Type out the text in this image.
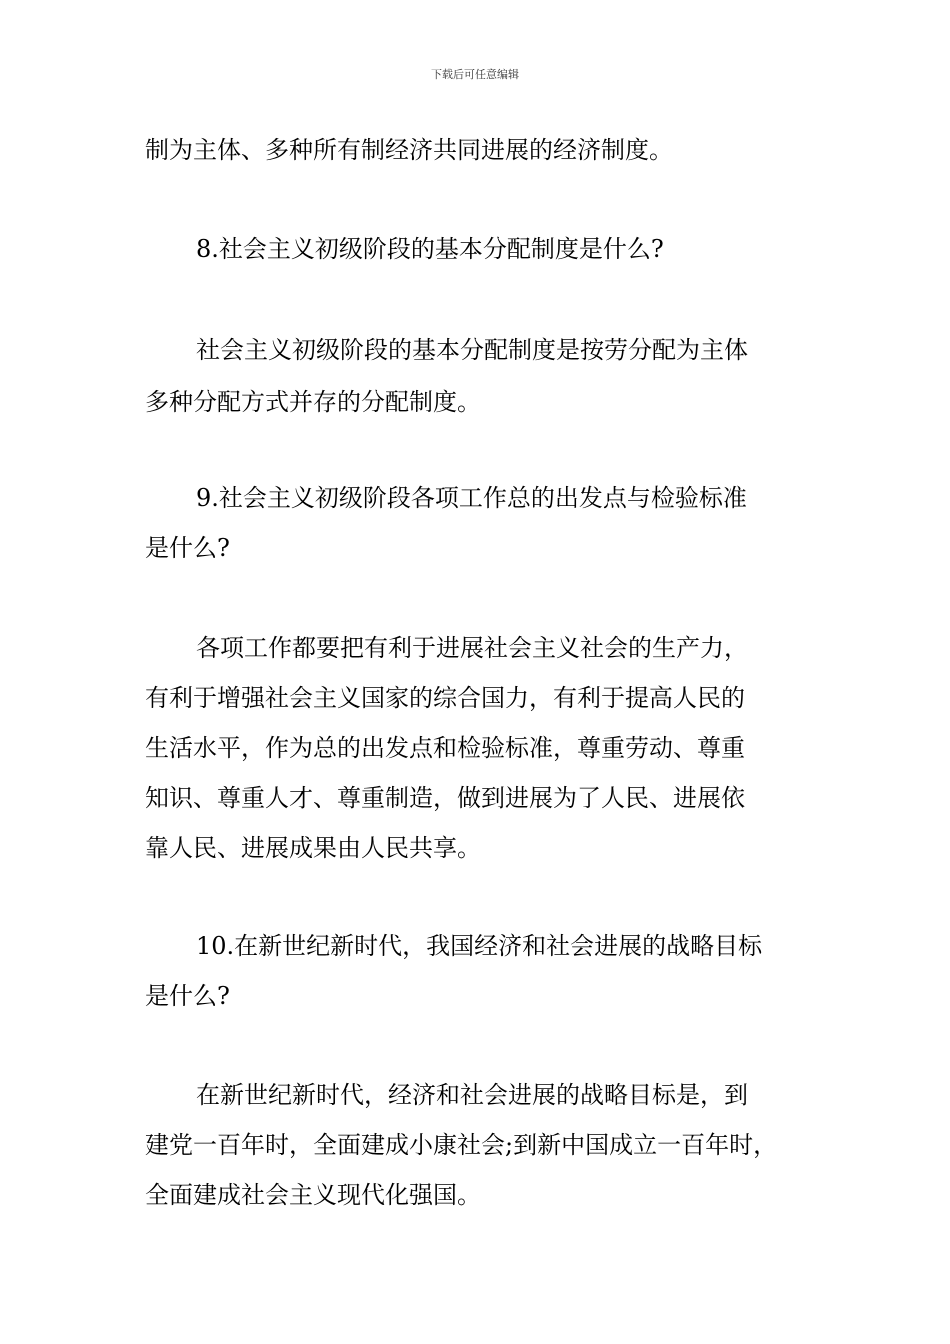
下载后可任意编辑
制为主体、多种所有制经济共同进展的经济制度。
8.社会主义初级阶段的基本分配制度是什么?
社会主义初级阶段的基本分配制度是按劳分配为主体
多种分配方式并存的分配制度。
9.社会主义初级阶段各项工作总的出发点与检验标准
是什么?
各项工作都要把有利于进展社会主义社会的生产力，
有利于增强社会主义国家的综合国力，有利于提高人民的
生活水平，作为总的出发点和检验标准，尊重劳动、尊重
知识、尊重人才、尊重制造，做到进展为了人民、进展依
靠人民、进展成果由人民共享。
10.在新世纪新时代，我国经济和社会进展的战略目标
是什么?
在新世纪新时代，经济和社会进展的战略目标是，到
建党一百年时，全面建成小康社会;到新中国成立一百年时，
全面建成社会主义现代化强国。
